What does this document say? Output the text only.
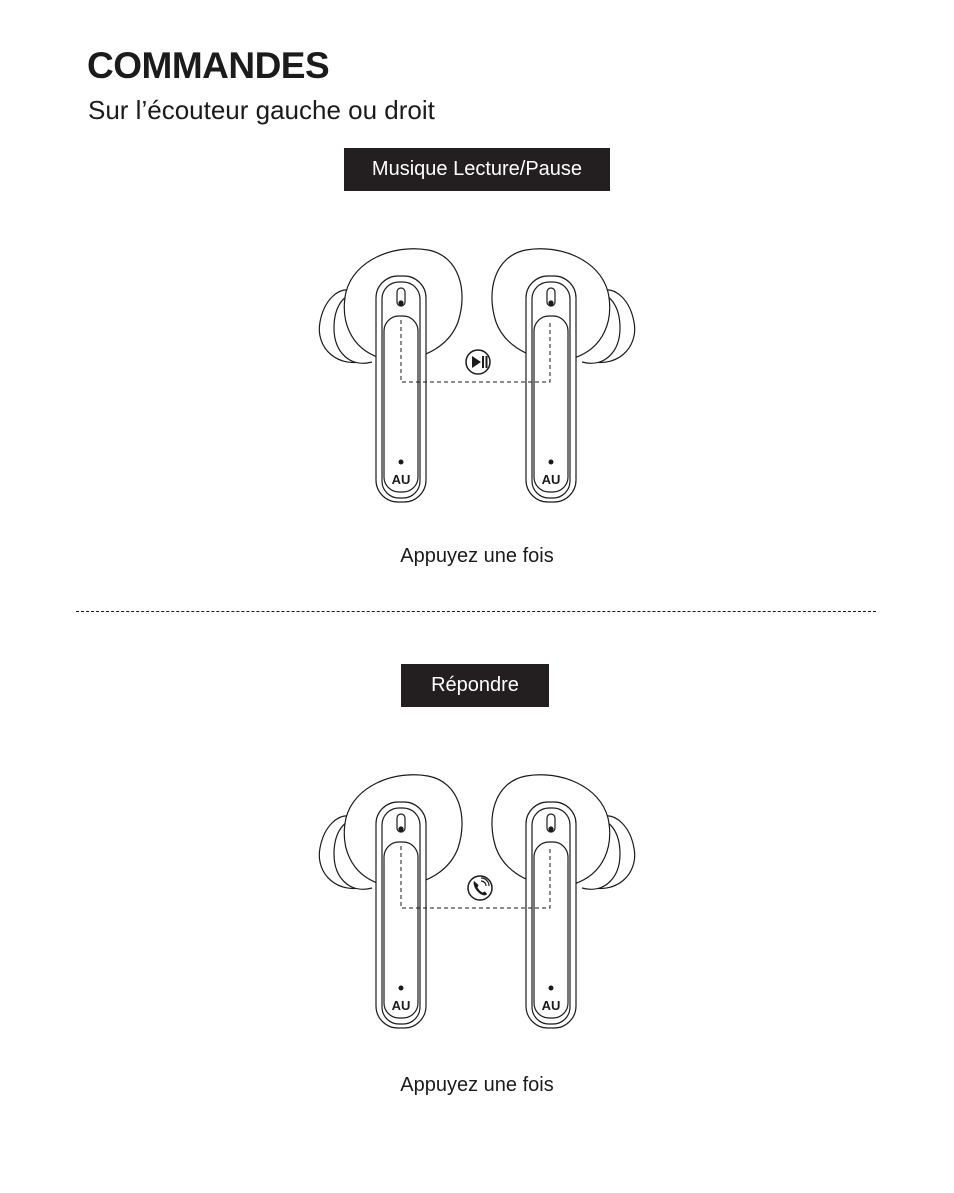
COMMANDES
Sur l’écouteur gauche ou droit
Musique Lecture/Pause
AU	AU
Appuyez une fois
Répondre
AU	AU
Appuyez une fois
